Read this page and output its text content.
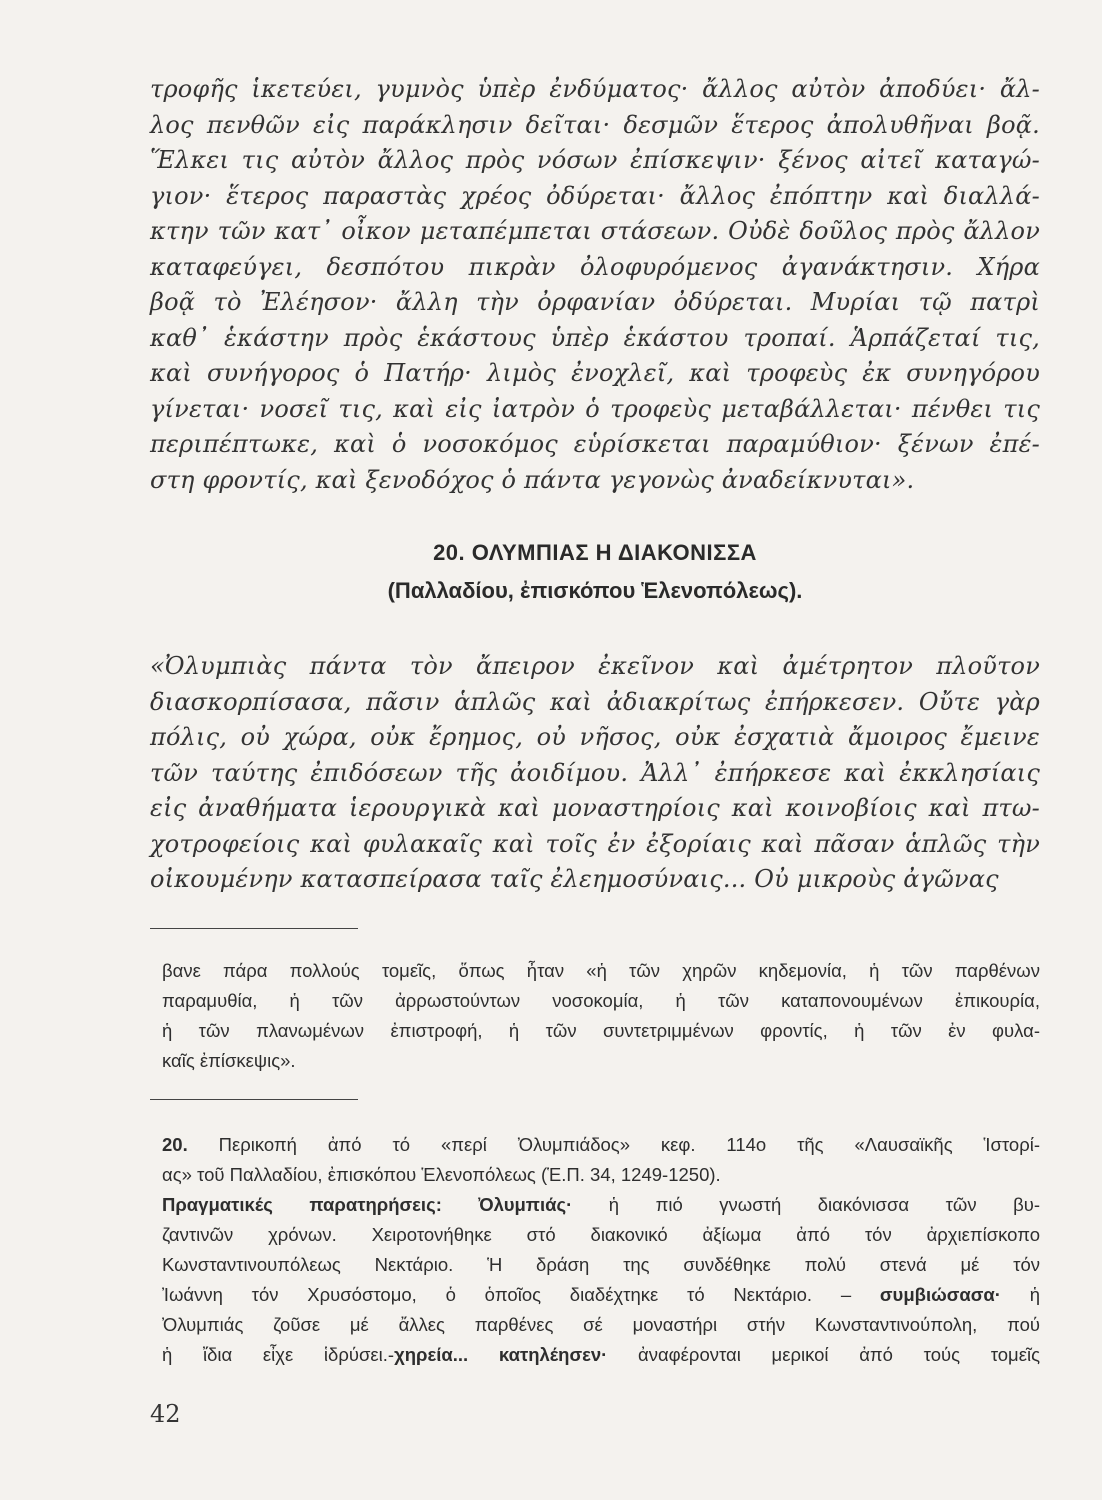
τροφῆς ἱκετεύει, γυμνὸς ὑπὲρ ἐνδύματος· ἄλλος αὐτὸν ἀποδύει· ἄλ-
λος πενθῶν εἰς παράκλησιν δεῖται· δεσμῶν ἕτερος ἀπολυθῆναι βοᾷ.
Ἕλκει τις αὐτὸν ἄλλος πρὸς νόσων ἐπίσκεψιν· ξένος αἰτεῖ καταγώ-
γιον· ἕτερος παραστὰς χρέος ὀδύρεται· ἄλλος ἐπόπτην καὶ διαλλά-
κτην τῶν κατ᾽ οἶκον μεταπέμπεται στάσεων. Οὐδὲ δοῦλος πρὸς ἄλλον
καταφεύγει, δεσπότου πικρὰν ὀλοφυρόμενος ἀγανάκτησιν. Χήρα
βοᾷ τὸ Ἐλέησον· ἄλλη τὴν ὀρφανίαν ὀδύρεται. Μυρίαι τῷ πατρὶ
καθ᾽ ἑκάστην πρὸς ἑκάστους ὑπὲρ ἑκάστου τροπαί. Ἁρπάζεταί τις,
καὶ συνήγορος ὁ Πατήρ· λιμὸς ἐνοχλεῖ, καὶ τροφεὺς ἐκ συνηγόρου
γίνεται· νοσεῖ τις, καὶ εἰς ἰατρὸν ὁ τροφεὺς μεταβάλλεται· πένθει τις
περιπέπτωκε, καὶ ὁ νοσοκόμος εὑρίσκεται παραμύθιον· ξένων ἐπέ-
στη φροντίς, καὶ ξενοδόχος ὁ πάντα γεγονὼς ἀναδείκνυται».
20. ΟΛΥΜΠΙΑΣ Η ΔΙΑΚΟΝΙΣΣΑ
(Παλλαδίου, ἐπισκόπου Ἑλενοπόλεως).
«Ὀλυμπιὰς πάντα τὸν ἄπειρον ἐκεῖνον καὶ ἀμέτρητον πλοῦτον
διασκορπίσασα, πᾶσιν ἁπλῶς καὶ ἀδιακρίτως ἐπήρκεσεν. Οὔτε γὰρ
πόλις, οὐ χώρα, οὐκ ἔρημος, οὐ νῆσος, οὐκ ἐσχατιὰ ἄμοιρος ἔμεινε
τῶν ταύτης ἐπιδόσεων τῆς ἀοιδίμου. Ἀλλ᾽ ἐπήρκεσε καὶ ἐκκλησίαις
εἰς ἀναθήματα ἱερουργικὰ καὶ μοναστηρίοις καὶ κοινοβίοις καὶ πτω-
χοτροφείοις καὶ φυλακαῖς καὶ τοῖς ἐν ἐξορίαις καὶ πᾶσαν ἁπλῶς τὴν
οἰκουμένην κατασπείρασα ταῖς ἐλεημοσύναις... Οὐ μικροὺς ἀγῶνας
βανε πάρα πολλούς τομεῖς, ὅπως ἦταν «ἡ τῶν χηρῶν κηδεμονία, ἡ τῶν παρθένων
παραμυθία, ἡ τῶν ἀρρωστούντων νοσοκομία, ἡ τῶν καταπονουμένων ἐπικουρία,
ἡ τῶν πλανωμένων ἐπιστροφή, ἡ τῶν συντετριμμένων φροντίς, ἡ τῶν ἐν φυλα-
καῖς ἐπίσκεψις».
20. Περικοπή ἀπό τό «περί Ὀλυμπιάδος» κεφ. 114ο τῆς «Λαυσαϊκῆς Ἱστορί-
ας» τοῦ Παλλαδίου, ἐπισκόπου Ἑλενοπόλεως (Ἑ.Π. 34, 1249-1250).
Πραγματικές παρατηρήσεις: Ὀλυμπιάς· ἡ πιό γνωστή διακόνισσα τῶν βυ-
ζαντινῶν χρόνων. Χειροτονήθηκε στό διακονικό ἀξίωμα ἀπό τόν ἀρχιεπίσκοπο
Κωνσταντινουπόλεως Νεκτάριο. Ἡ δράση της συνδέθηκε πολύ στενά μέ τόν
Ἰωάννη τόν Χρυσόστομο, ὁ ὁποῖος διαδέχτηκε τό Νεκτάριο. – συμβιώσασα· ἡ
Ὀλυμπιάς ζοῦσε μέ ἄλλες παρθένες σέ μοναστήρι στήν Κωνσταντινούπολη, πού
ἡ ἴδια εἶχε ἱδρύσει.-χηρεία... κατηλέησεν· ἀναφέρονται μερικοί ἀπό τούς τομεῖς
42
